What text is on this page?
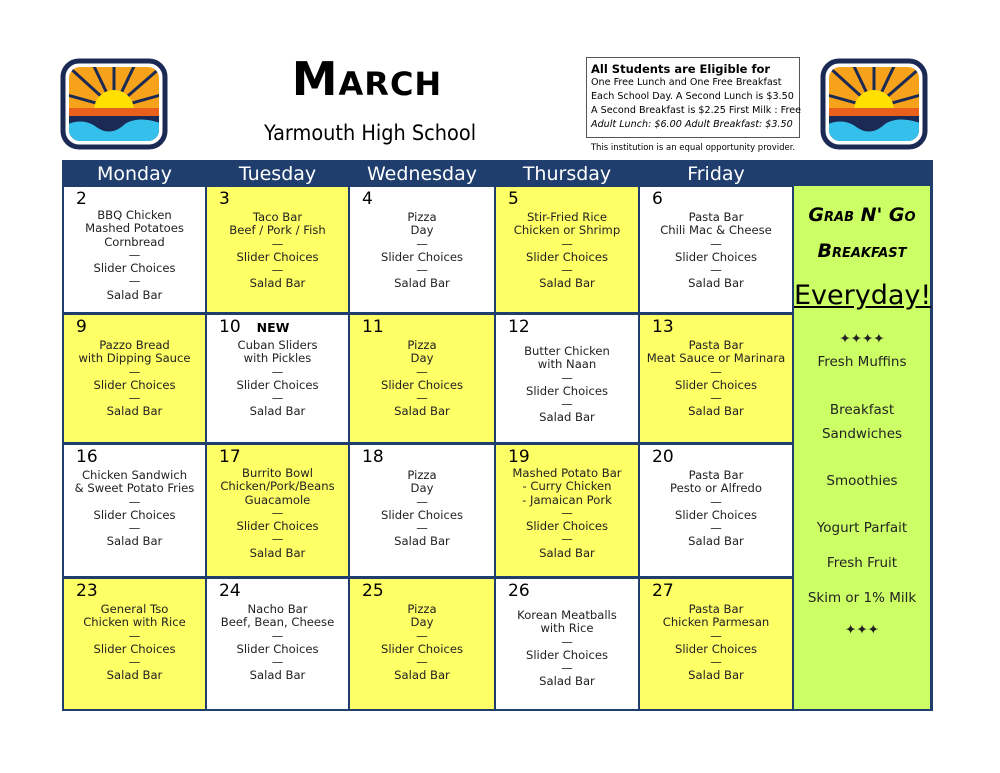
March
Yarmouth High School
All Students are Eligible for
One Free Lunch and One Free Breakfast
Each School Day. A Second Lunch is $3.50
A Second Breakfast is $2.25 First Milk : Free
Adult Lunch: $6.00 Adult Breakfast: $3.50
This institution is an equal opportunity provider.
Grab N' Go
Breakfast
Everyday!
✦✦✦✦
Fresh Muffins
Breakfast
Sandwiches
Smoothies
Yogurt Parfait
Fresh Fruit
Skim or 1% Milk
✦✦✦
Monday	Tuesday	Wednesday	Thursday	Friday
2
BBQ Chicken
Mashed Potatoes
Cornbread
—
Slider Choices
—
Salad Bar
3
Taco Bar
Beef / Pork / Fish
—
Slider Choices
—
Salad Bar
4
Pizza
Day
—
Slider Choices
—
Salad Bar
5
Stir-Fried Rice
Chicken or Shrimp
—
Slider Choices
—
Salad Bar
6
Pasta Bar
Chili Mac & Cheese
—
Slider Choices
—
Salad Bar
9
Pazzo Bread
with Dipping Sauce
—
Slider Choices
—
Salad Bar
10 NEW
Cuban Sliders
with Pickles
—
Slider Choices
—
Salad Bar
11
Pizza
Day
—
Slider Choices
—
Salad Bar
12
Butter Chicken
with Naan
—
Slider Choices
—
Salad Bar
13
Pasta Bar
Meat Sauce or Marinara
—
Slider Choices
—
Salad Bar
16
Chicken Sandwich
& Sweet Potato Fries
—
Slider Choices
—
Salad Bar
17
Burrito Bowl
Chicken/Pork/Beans
Guacamole
—
Slider Choices
—
Salad Bar
18
Pizza
Day
—
Slider Choices
—
Salad Bar
19
Mashed Potato Bar
- Curry Chicken
- Jamaican Pork
—
Slider Choices
—
Salad Bar
20
Pasta Bar
Pesto or Alfredo
—
Slider Choices
—
Salad Bar
23
General Tso
Chicken with Rice
—
Slider Choices
—
Salad Bar
24
Nacho Bar
Beef, Bean, Cheese
—
Slider Choices
—
Salad Bar
25
Pizza
Day
—
Slider Choices
—
Salad Bar
26
Korean Meatballs
with Rice
—
Slider Choices
—
Salad Bar
27
Pasta Bar
Chicken Parmesan
—
Slider Choices
—
Salad Bar
